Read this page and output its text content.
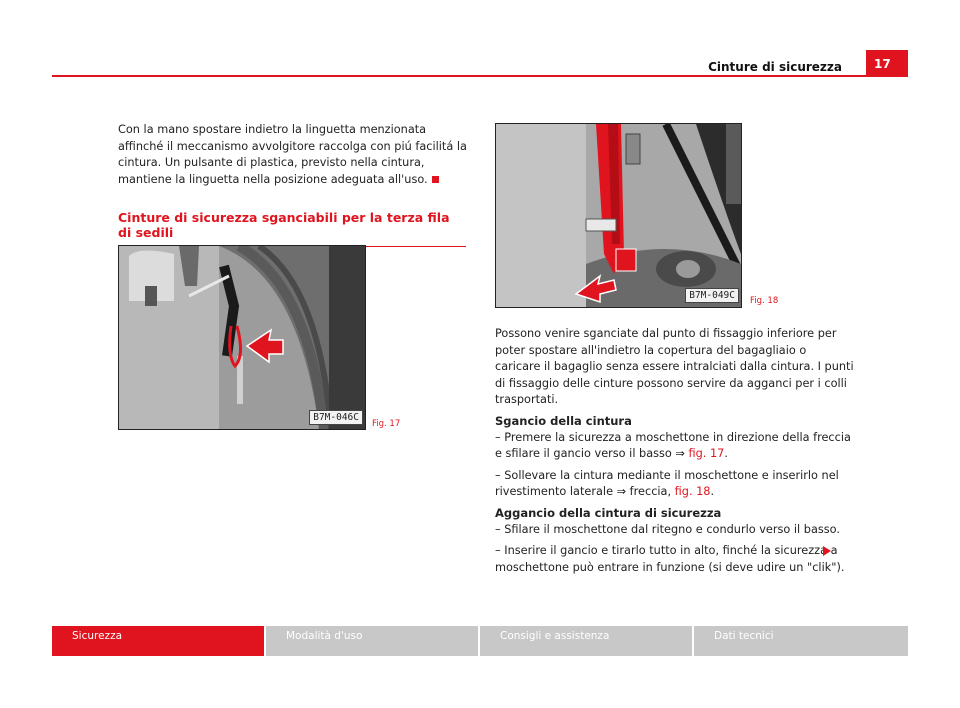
Cinture di sicurezza	17

Con la mano spostare indietro la linguetta menzionata affinché il meccanismo avvolgitore raccolga con piú facilitá la cintura. Un pulsante di plastica, previsto nella cintura, mantiene la linguetta nella posizione adeguata all'uso.

Cinture di sicurezza sganciabili per la terza fila di sedili
B7M-046C
Fig. 17
B7M-049C	Fig. 18

Possono venire sganciate dal punto di fissaggio inferiore per poter spostare all'indietro la copertura del bagagliaio o caricare il bagaglio senza essere intralciati dalla cintura. I punti di fissaggio delle cinture possono servire da agganci per i colli trasportati.

Sgancio della cintura

– Premere la sicurezza a moschettone in direzione della freccia e sfilare il gancio verso il basso ⇒ fig. 17.

– Sollevare la cintura mediante il moschettone e inserirlo nel rivestimento laterale ⇒ freccia, fig. 18.

Aggancio della cintura di sicurezza

– Sfilare il moschettone dal ritegno e condurlo verso il basso.

– Inserire il gancio e tirarlo tutto in alto, finché la sicurezza a moschettone può entrare in funzione (si deve udire un "clik").

Sicurezza	Modalità d'uso	Consigli e assistenza	Dati tecnici
